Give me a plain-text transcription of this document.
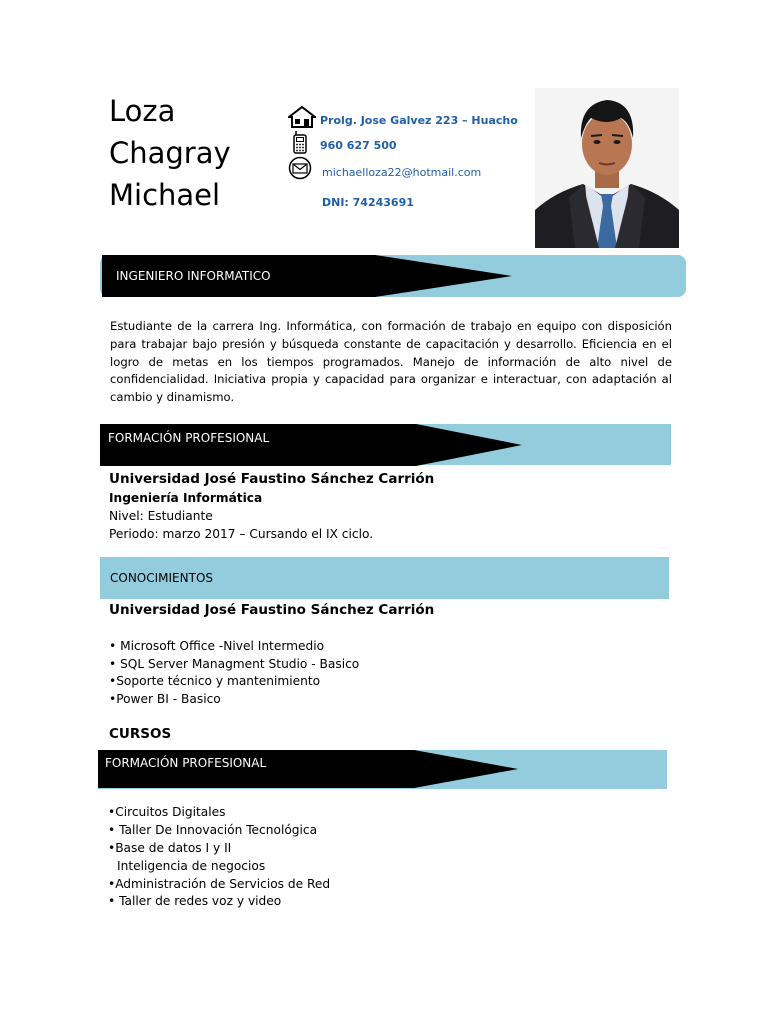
Loza
Chagray
Michael
Prolg. Jose Galvez 223 – Huacho
960 627 500
michaelloza22@hotmail.com
DNI: 74243691
INGENIERO INFORMATICO
Estudiante de la carrera Ing. Informática, con formación de trabajo en equipo con disposición para trabajar bajo presión y búsqueda constante de capacitación y desarrollo. Eficiencia en el logro de metas en los tiempos programados. Manejo de información de alto nivel de confidencialidad. Iniciativa propia y capacidad para organizar e interactuar, con adaptación al cambio y dinamismo.
FORMACIÓN PROFESIONAL
Universidad José Faustino Sánchez Carrión
Ingeniería Informática
Nivel: Estudiante
Periodo: marzo 2017 – Cursando el IX ciclo.
CONOCIMIENTOS
Universidad José Faustino Sánchez Carrión
• Microsoft Office -Nivel Intermedio
• SQL Server Managment Studio - Basico
•Soporte técnico y mantenimiento
•Power BI - Basico
CURSOS
FORMACIÓN PROFESIONAL
•Circuitos Digitales
• Taller De Innovación Tecnológica
•Base de datos I y II
Inteligencia de negocios
•Administración de Servicios de Red
• Taller de redes voz y video
